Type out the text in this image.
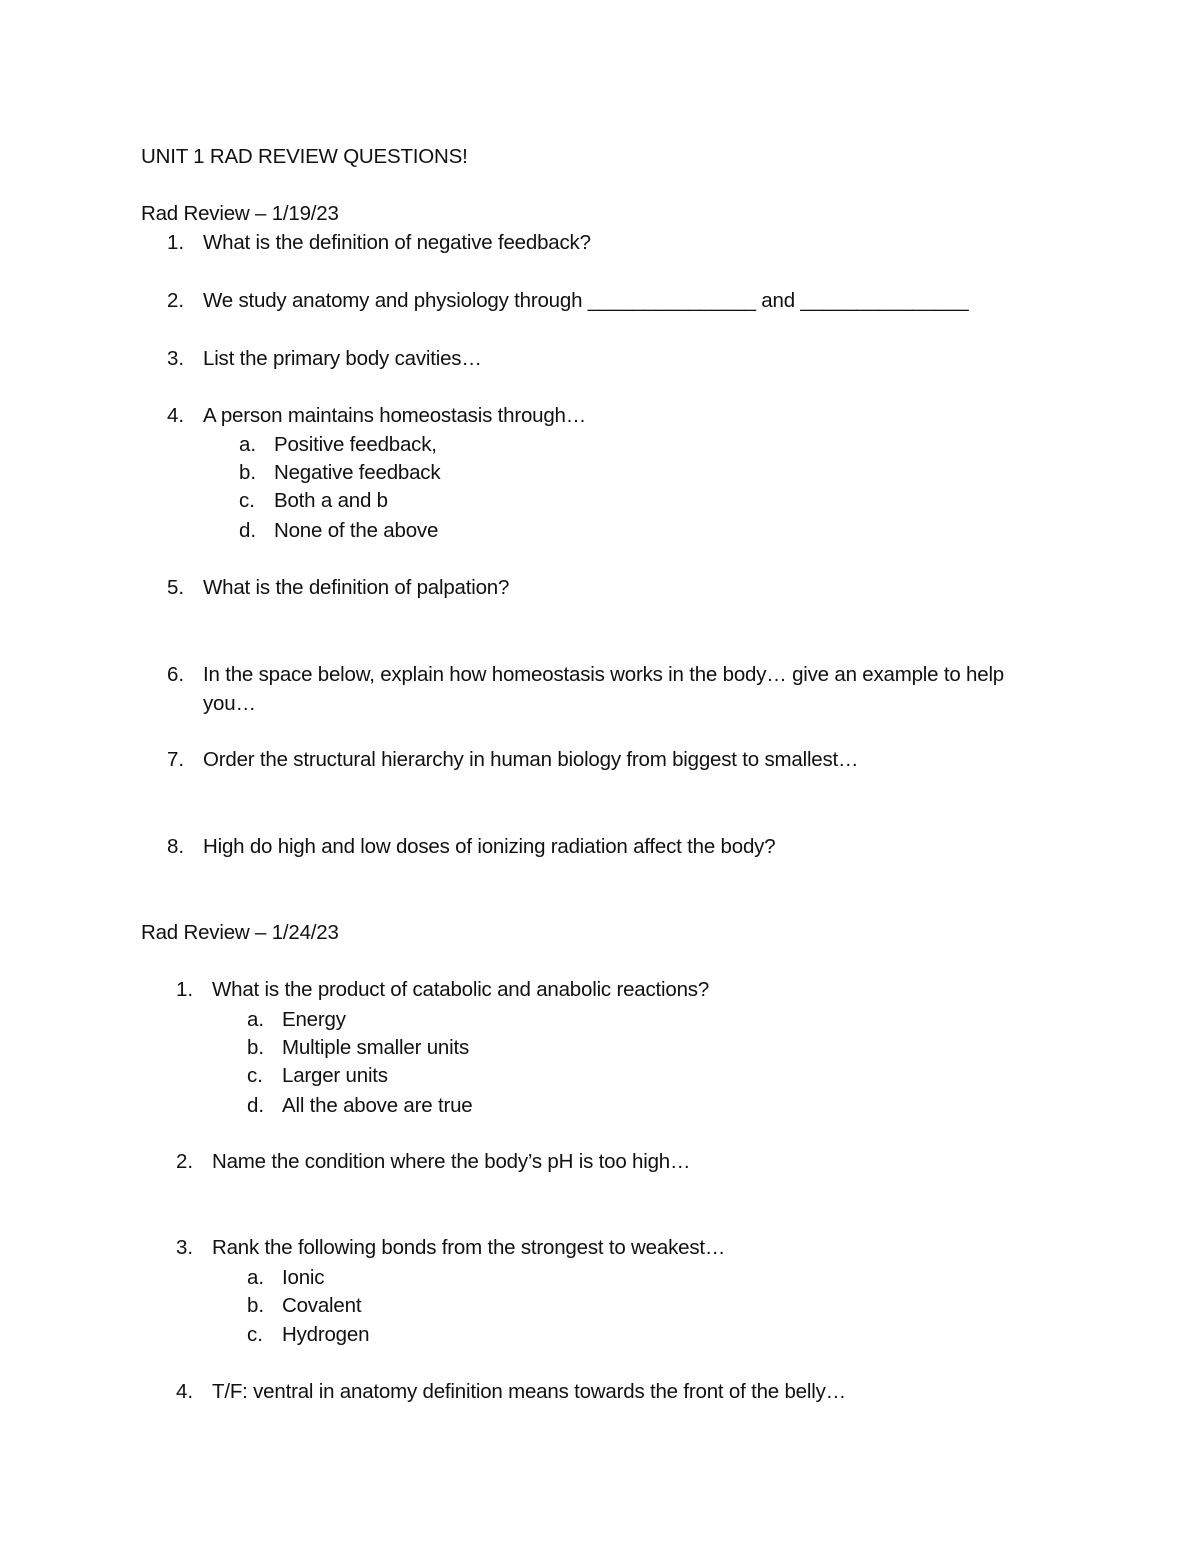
UNIT 1 RAD REVIEW QUESTIONS!
Rad Review – 1/19/23
1. What is the definition of negative feedback?
2. We study anatomy and physiology through _______________ and _______________
3. List the primary body cavities…
4. A person maintains homeostasis through…
a. Positive feedback,
b. Negative feedback
c. Both a and b
d. None of the above
5. What is the definition of palpation?
6. In the space below, explain how homeostasis works in the body… give an example to help
you…
7. Order the structural hierarchy in human biology from biggest to smallest…
8. High do high and low doses of ionizing radiation affect the body?
Rad Review – 1/24/23
1. What is the product of catabolic and anabolic reactions?
a. Energy
b. Multiple smaller units
c. Larger units
d. All the above are true
2. Name the condition where the body’s pH is too high…
3. Rank the following bonds from the strongest to weakest…
a. Ionic
b. Covalent
c. Hydrogen
4. T/F: ventral in anatomy definition means towards the front of the belly…
